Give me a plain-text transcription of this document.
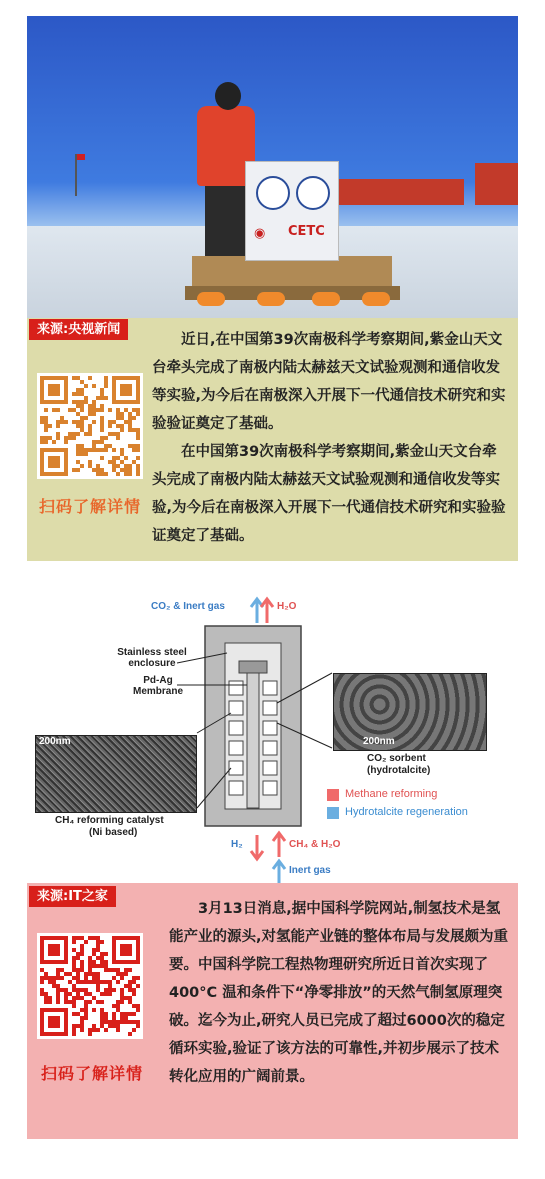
◉ CETC
来源:央视新闻
扫码了解详情

近日,在中国第39次南极科学考察期间,紫金山天文台牵头完成了南极内陆太赫兹天文试验观测和通信收发等实验,为今后在南极深入开展下一代通信技术研究和实验验证奠定了基础。

在中国第39次南极科学考察期间,紫金山天文台牵头完成了南极内陆太赫兹天文试验观测和通信收发等实验,为今后在南极深入开展下一代通信技术研究和实验验证奠定了基础。

来源:IT之家
扫码了解详情

3月13日消息,据中国科学院网站,制氢技术是氢能产业的源头,对氢能产业链的整体布局与发展颇为重要。中国科学院工程热物理研究所近日首次实现了400°C 温和条件下“净零排放”的天然气制氢原理突破。迄今为止,研究人员已完成了超过6000次的稳定循环实验,验证了该方法的可靠性,并初步展示了技术转化应用的广阔前景。

CO₂ & Inert gas	H₂O
Stainless steel enclosure
Pd-Ag Membrane
200nm	200nm
CO₂ sorbent
(hydrotalcite)
CH₄ reforming catalyst
(Ni based)
Methane reforming
Hydrotalcite regeneration
H₂	CH₄ & H₂O
Inert gas
